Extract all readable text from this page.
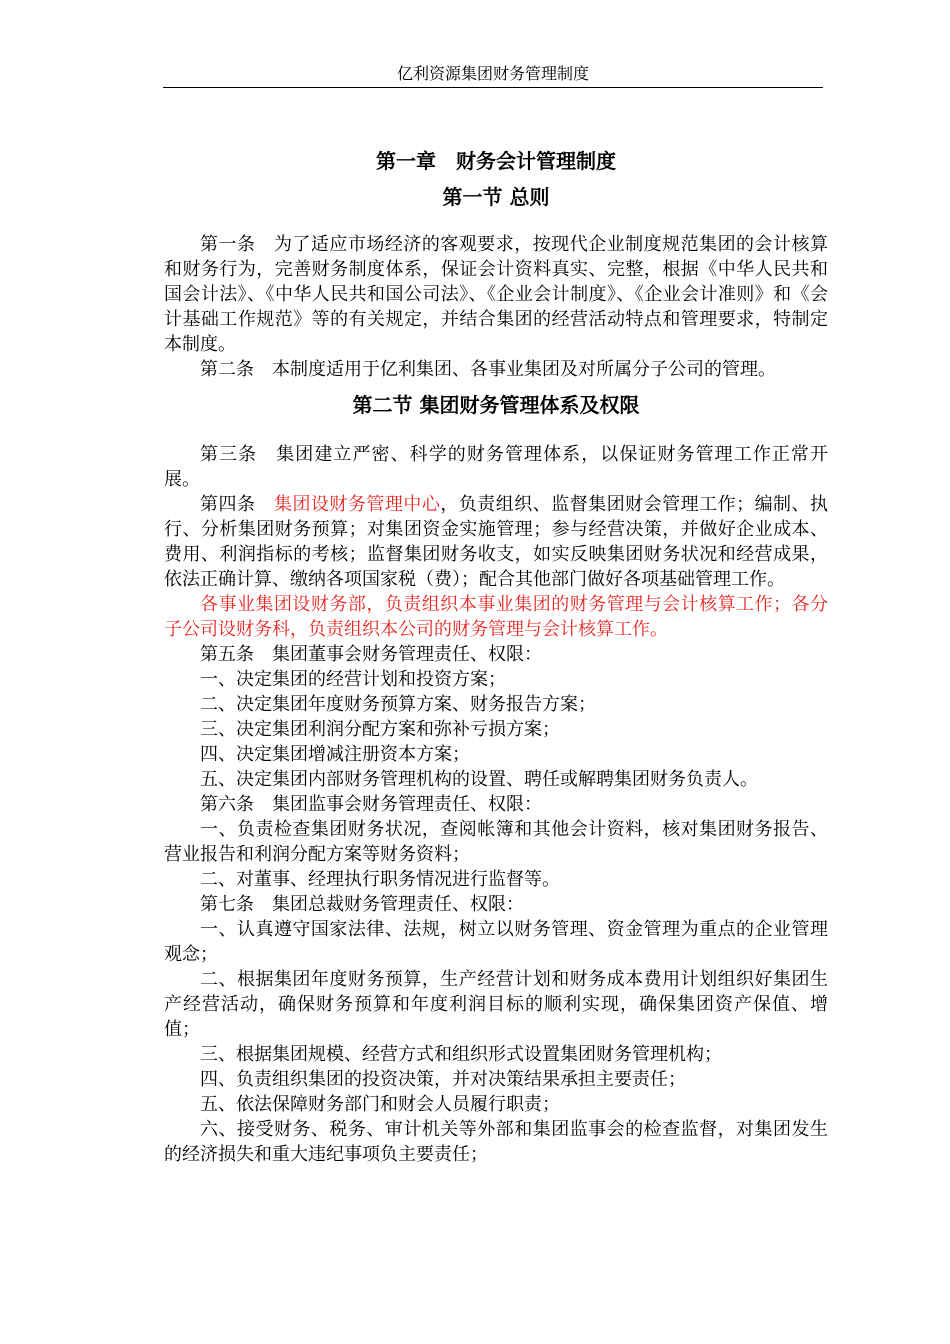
亿利资源集团财务管理制度
第一章　财务会计管理制度
第一节 总则

第一条　为了适应市场经济的客观要求，按现代企业制度规范集团的会计核算和财务行为，完善财务制度体系，保证会计资料真实、完整，根据《中华人民共和国会计法》、《中华人民共和国公司法》、《企业会计制度》、《企业会计准则》和《会计基础工作规范》等的有关规定，并结合集团的经营活动特点和管理要求，特制定本制度。

第二条　本制度适用于亿利集团、各事业集团及对所属分子公司的管理。

第二节 集团财务管理体系及权限

第三条　集团建立严密、科学的财务管理体系，以保证财务管理工作正常开展。

第四条　集团设财务管理中心，负责组织、监督集团财会管理工作；编制、执行、分析集团财务预算；对集团资金实施管理；参与经营决策，并做好企业成本、费用、利润指标的考核；监督集团财务收支，如实反映集团财务状况和经营成果，依法正确计算、缴纳各项国家税（费）；配合其他部门做好各项基础管理工作。

各事业集团设财务部，负责组织本事业集团的财务管理与会计核算工作；各分子公司设财务科，负责组织本公司的财务管理与会计核算工作。

第五条　集团董事会财务管理责任、权限：

一、决定集团的经营计划和投资方案；

二、决定集团年度财务预算方案、财务报告方案；

三、决定集团利润分配方案和弥补亏损方案；

四、决定集团增减注册资本方案；

五、决定集团内部财务管理机构的设置、聘任或解聘集团财务负责人。

第六条　集团监事会财务管理责任、权限：

一、负责检查集团财务状况，查阅帐簿和其他会计资料，核对集团财务报告、营业报告和利润分配方案等财务资料；

二、对董事、经理执行职务情况进行监督等。

第七条　集团总裁财务管理责任、权限：

一、认真遵守国家法律、法规，树立以财务管理、资金管理为重点的企业管理观念；

二、根据集团年度财务预算，生产经营计划和财务成本费用计划组织好集团生产经营活动，确保财务预算和年度利润目标的顺利实现，确保集团资产保值、增值；

三、根据集团规模、经营方式和组织形式设置集团财务管理机构；

四、负责组织集团的投资决策，并对决策结果承担主要责任；

五、依法保障财务部门和财会人员履行职责；

六、接受财务、税务、审计机关等外部和集团监事会的检查监督，对集团发生的经济损失和重大违纪事项负主要责任；
